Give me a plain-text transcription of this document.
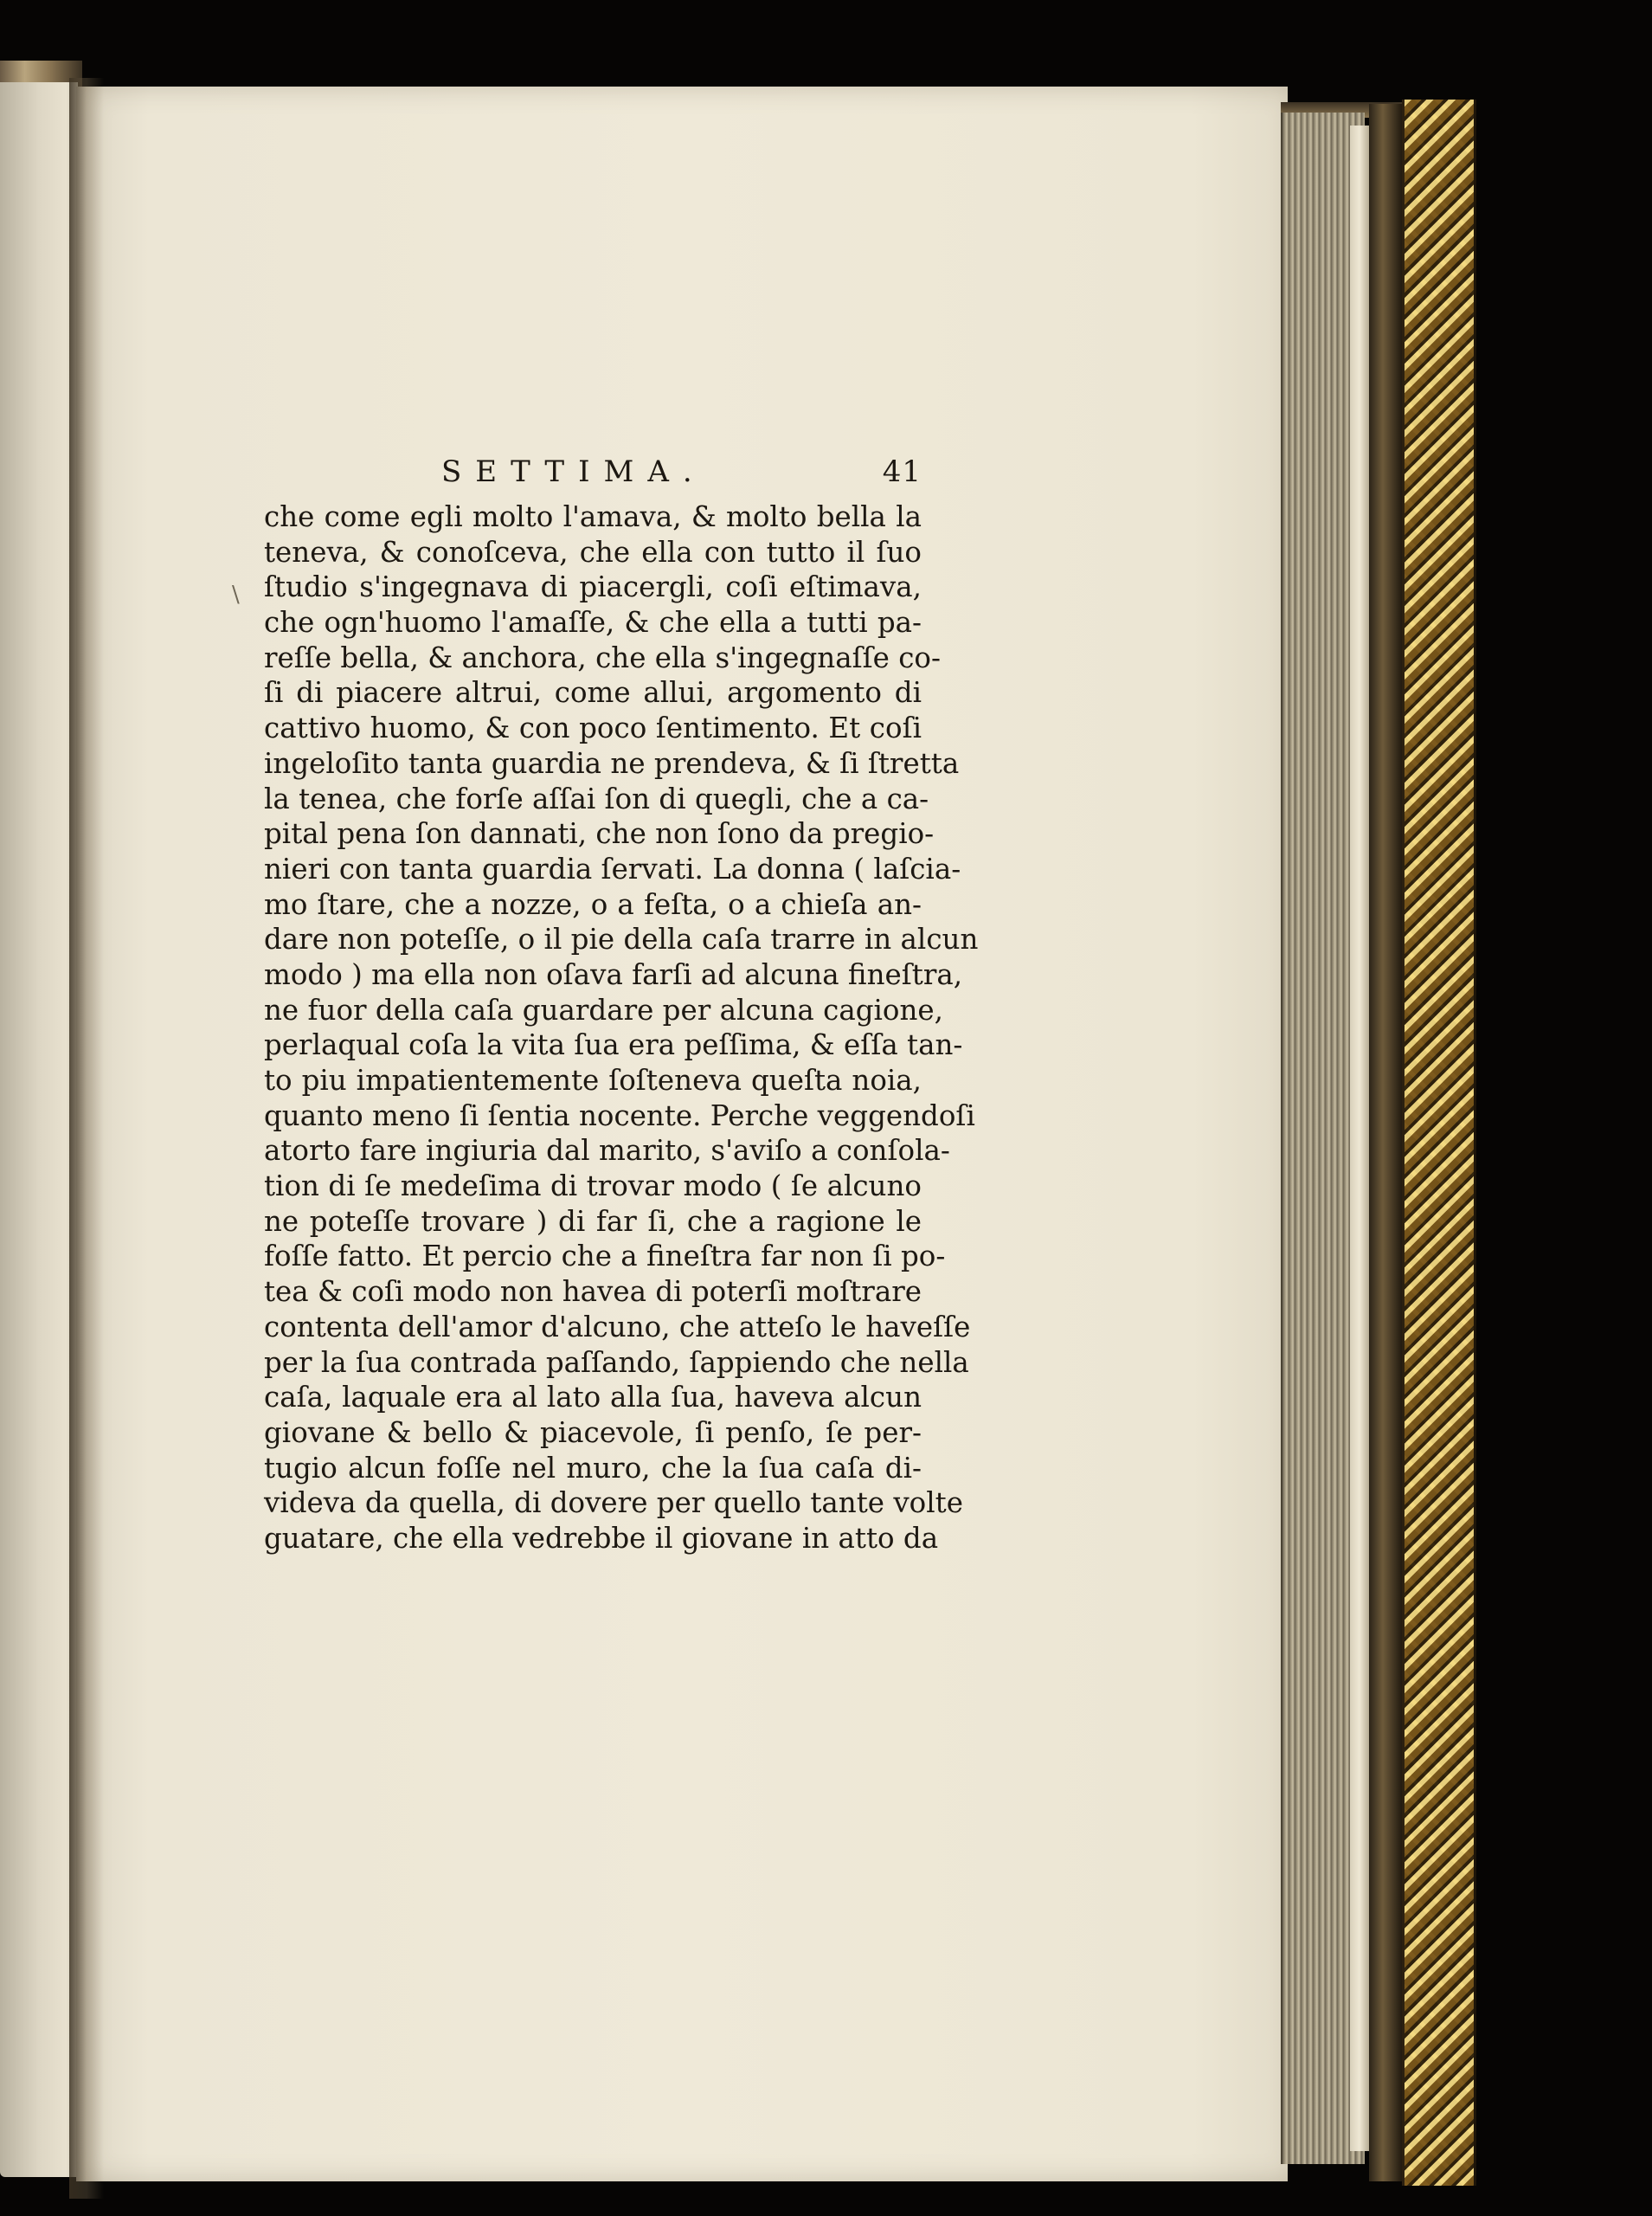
\
SETTIMA.	41
che come egli molto l'amava, & molto bella la
teneva, & conoſceva, che ella con tutto il ſuo
ſtudio s'ingegnava di piacergli, coſi eſtimava,
che ogn'huomo l'amaſſe, & che ella a tutti pa-
reſſe bella, & anchora, che ella s'ingegnaſſe co-
ſi di piacere altrui, come allui, argomento di
cattivo huomo, & con poco ſentimento. Et coſi
ingeloſito tanta guardia ne prendeva, & ſi ſtretta
la tenea, che forſe aſſai ſon di quegli, che a ca-
pital pena ſon dannati, che non ſono da pregio-
nieri con tanta guardia ſervati. La donna ( laſcia-
mo ſtare, che a nozze, o a feſta, o a chieſa an-
dare non poteſſe, o il pie della caſa trarre in alcun
modo ) ma ella non oſava farſi ad alcuna fineſtra,
ne fuor della caſa guardare per alcuna cagione,
perlaqual coſa la vita ſua era peſſima, & eſſa tan-
to piu impatientemente ſoſteneva queſta noia,
quanto meno ſi ſentia nocente. Perche veggendoſi
atorto fare ingiuria dal marito, s'aviſo a conſola-
tion di ſe medeſima di trovar modo ( ſe alcuno
ne poteſſe trovare ) di far ſi, che a ragione le
foſſe fatto. Et percio che a fineſtra far non ſi po-
tea & coſi modo non havea di poterſi moſtrare
contenta dell'amor d'alcuno, che atteſo le haveſſe
per la ſua contrada paſſando, ſappiendo che nella
caſa, laquale era al lato alla ſua, haveva alcun
giovane & bello & piacevole, ſi penſo, ſe per-
tugio alcun foſſe nel muro, che la ſua caſa di-
videva da quella, di dovere per quello tante volte
guatare, che ella vedrebbe il giovane in atto da
